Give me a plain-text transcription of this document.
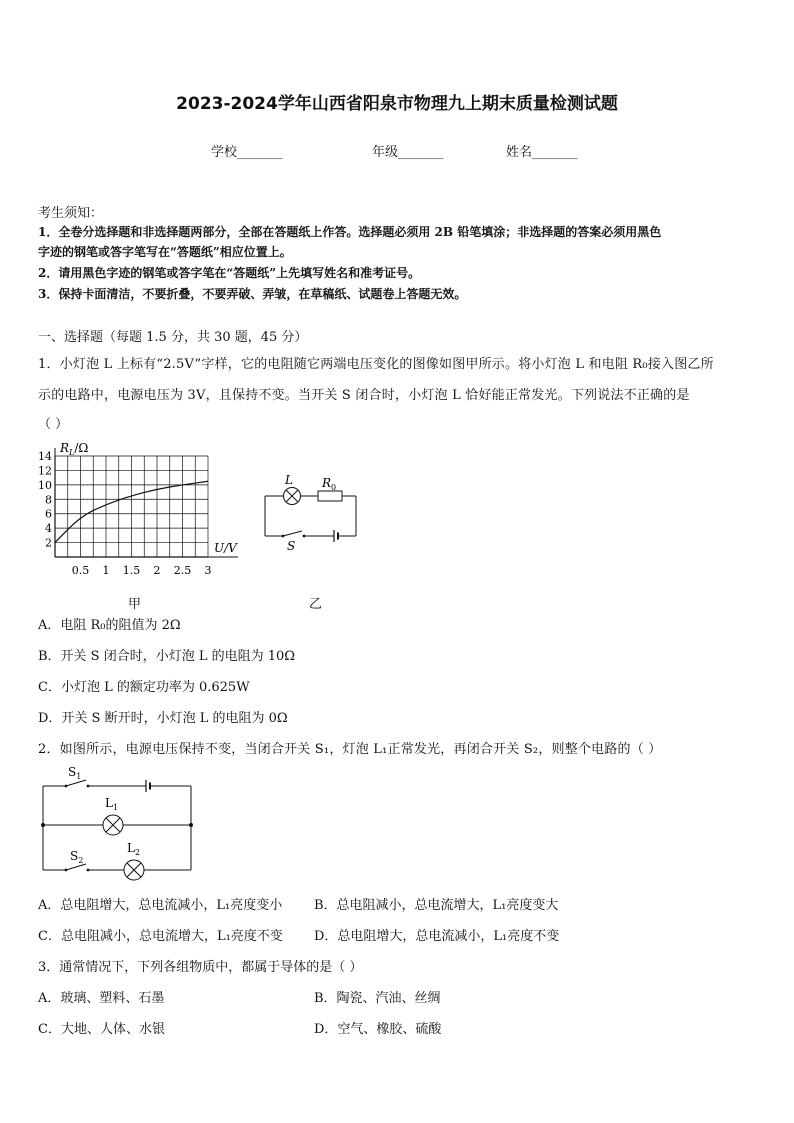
2023-2024学年山西省阳泉市物理九上期末质量检测试题
学校_______	年级_______	姓名_______
考生须知：
1．全卷分选择题和非选择题两部分，全部在答题纸上作答。选择题必须用 2B 铅笔填涂；非选择题的答案必须用黑色
字迹的钢笔或答字笔写在“答题纸”相应位置上。
2．请用黑色字迹的钢笔或答字笔在“答题纸”上先填写姓名和准考证号。
3．保持卡面清洁，不要折叠，不要弄破、弄皱，在草稿纸、试题卷上答题无效。
一、选择题（每题 1.5 分，共 30 题，45 分）
1．小灯泡 L 上标有“2.5V”字样，它的电阻随它两端电压变化的图像如图甲所示。将小灯泡 L 和电阻 R₀接入图乙所
示的电路中，电源电压为 3V，且保持不变。当开关 S 闭合时，小灯泡 L 恰好能正常发光。下列说法不正确的是
（ ）
$R_L/\Omega$
U/V
2
4
6
8
10
12
14
0.5 1 1.5 2 2.5 3
甲
L $R_0$
S
乙
A．电阻 R₀的阻值为 2Ω
B．开关 S 闭合时，小灯泡 L 的电阻为 10Ω
C．小灯泡 L 的额定功率为 0.625W
D．开关 S 断开时，小灯泡 L 的电阻为 0Ω
2．如图所示，电源电压保持不变，当闭合开关 S₁，灯泡 L₁正常发光，再闭合开关 S₂，则整个电路的（ ）
$S_1$
$L_1$
$S_2$
$L_2$
A．总电阻增大，总电流减小，L₁亮度变小 B．总电阻减小，总电流增大，L₁亮度变大
C．总电阻减小，总电流增大，L₁亮度不变 D．总电阻增大，总电流减小，L₁亮度不变
3．通常情况下，下列各组物质中，都属于导体的是（ ）
A．玻璃、塑料、石墨	B．陶瓷、汽油、丝绸
C．大地、人体、水银	D．空气、橡胶、硫酸
